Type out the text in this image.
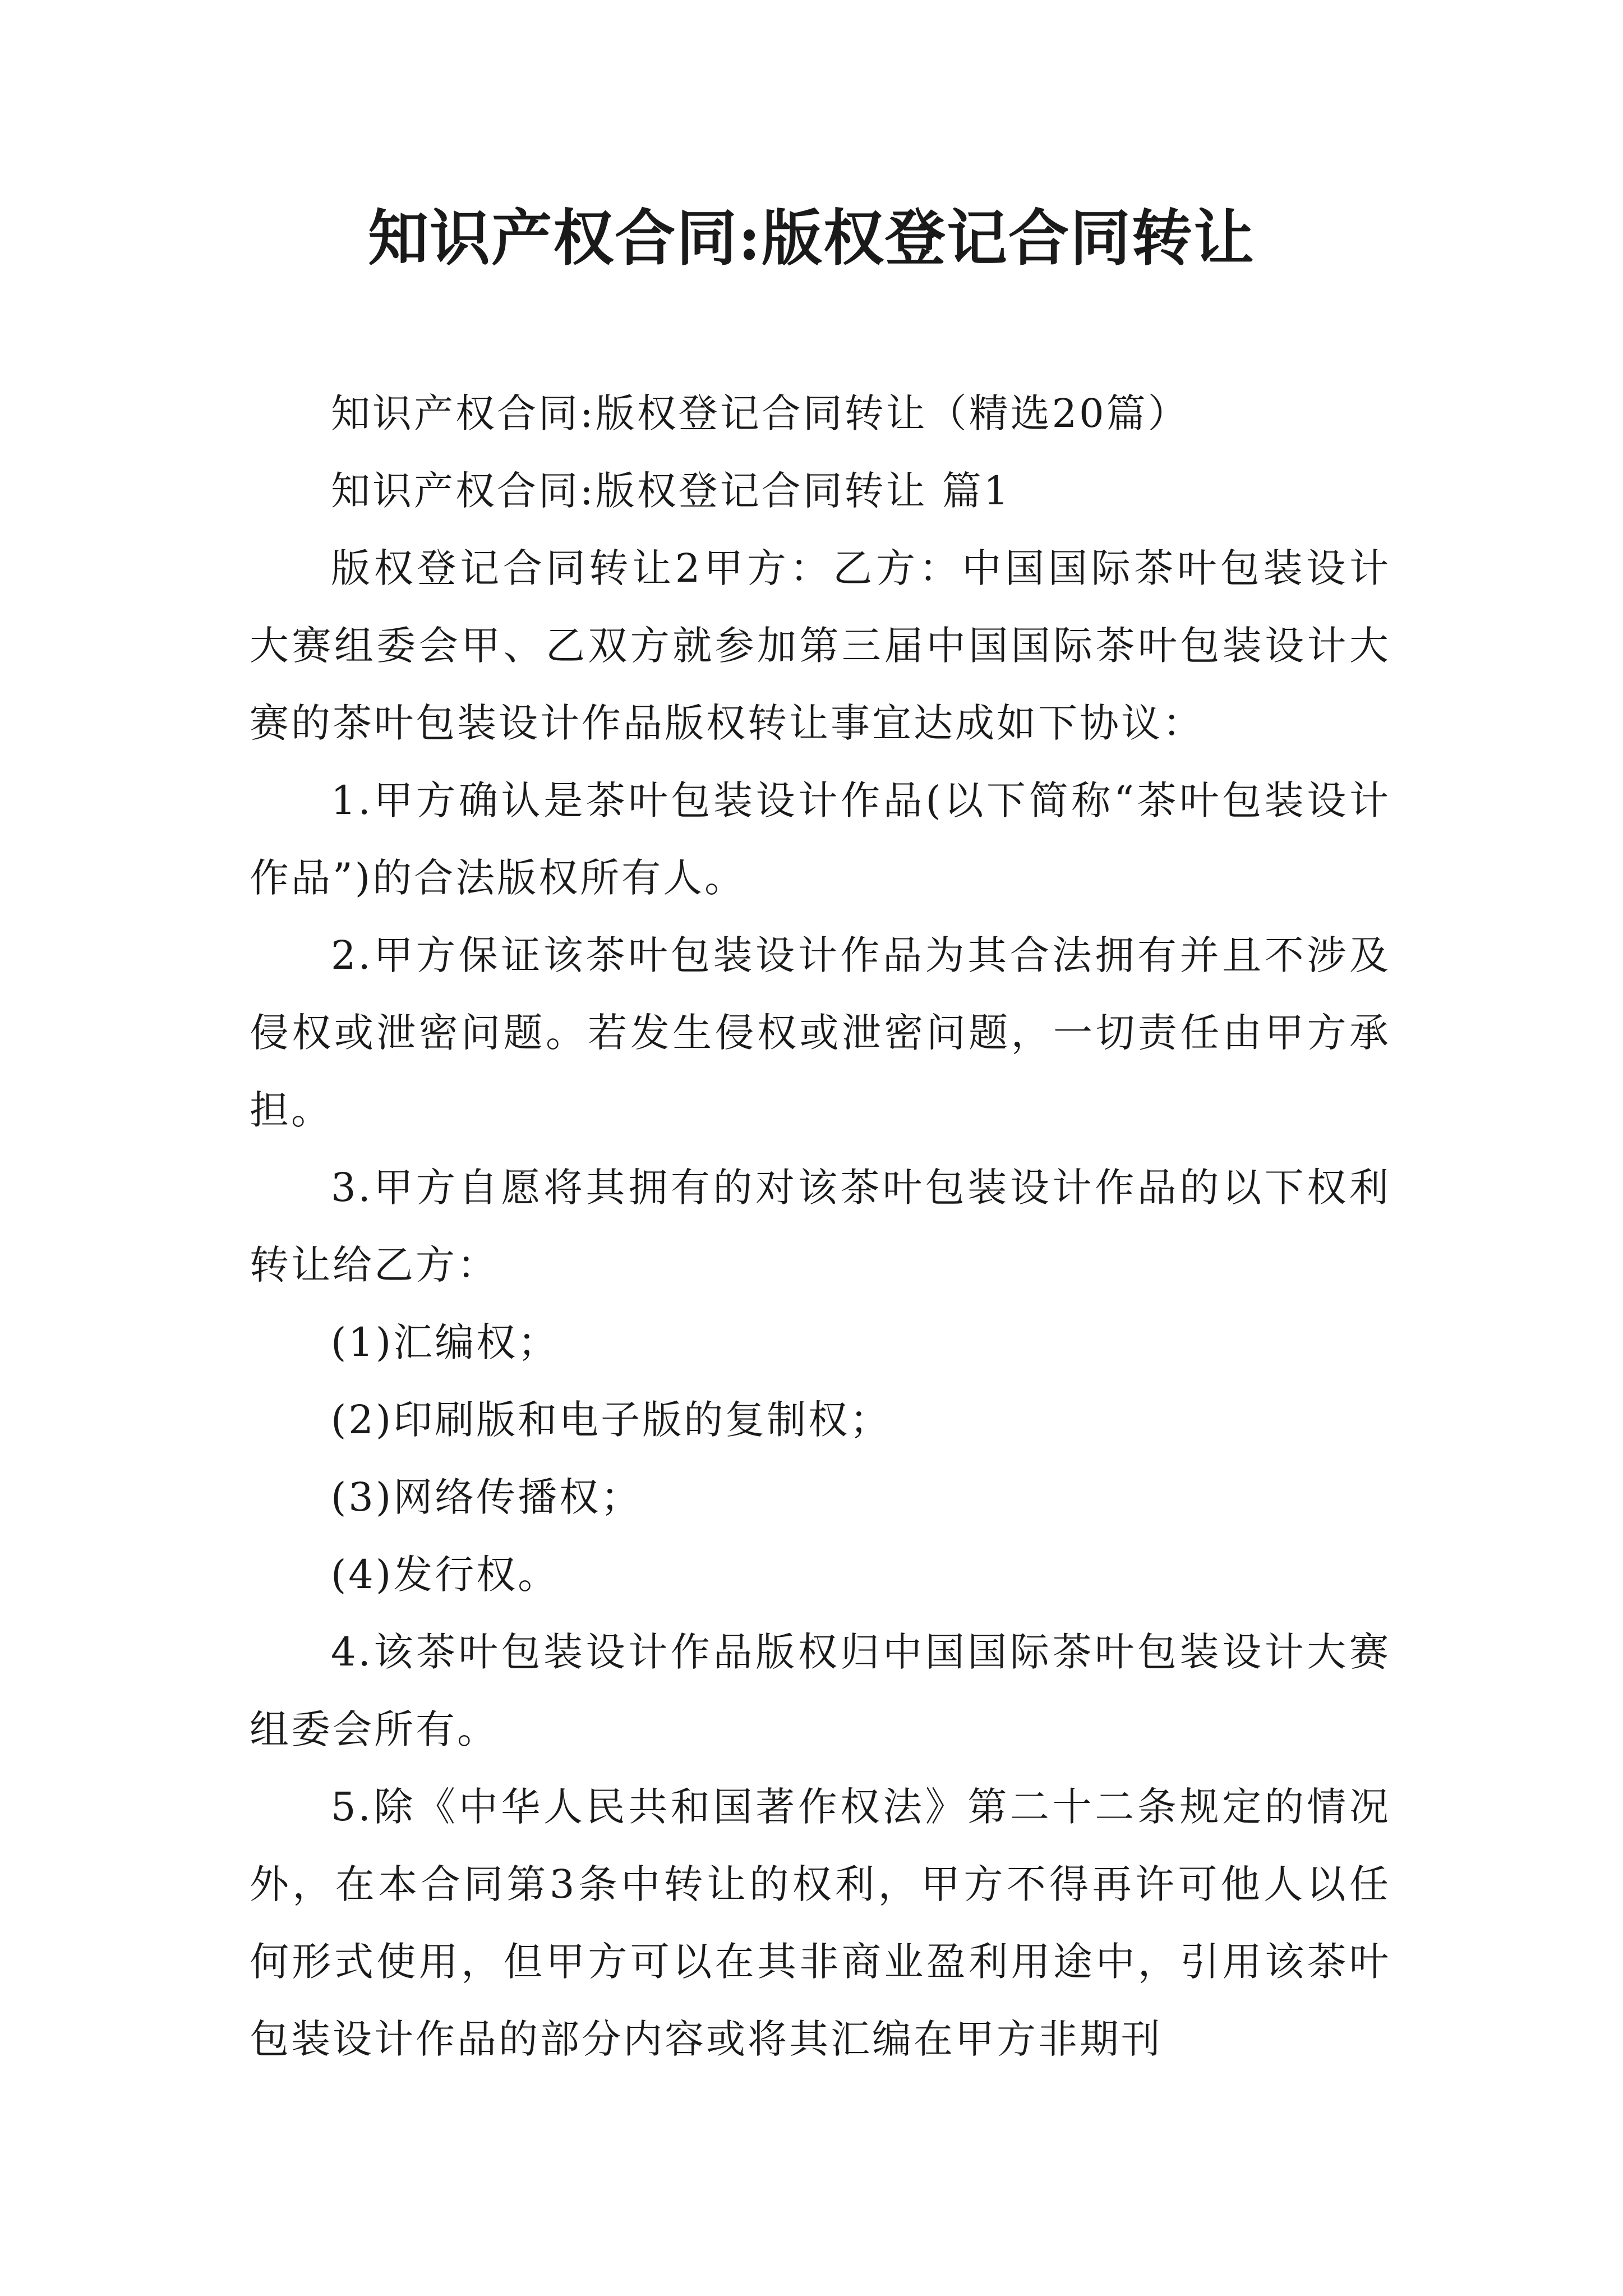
知识产权合同:版权登记合同转让

知识产权合同:版权登记合同转让（精选20篇）

知识产权合同:版权登记合同转让 篇1

版权登记合同转让2甲方：乙方：中国国际茶叶包装设计大赛组委会甲、乙双方就参加第三届中国国际茶叶包装设计大赛的茶叶包装设计作品版权转让事宜达成如下协议：

1.甲方确认是茶叶包装设计作品(以下简称“茶叶包装设计作品”)的合法版权所有人。

2.甲方保证该茶叶包装设计作品为其合法拥有并且不涉及侵权或泄密问题。若发生侵权或泄密问题，一切责任由甲方承担。

3.甲方自愿将其拥有的对该茶叶包装设计作品的以下权利转让给乙方：

(1)汇编权；

(2)印刷版和电子版的复制权；

(3)网络传播权；

(4)发行权。

4.该茶叶包装设计作品版权归中国国际茶叶包装设计大赛组委会所有。

5.除《中华人民共和国著作权法》第二十二条规定的情况外，在本合同第3条中转让的权利，甲方不得再许可他人以任何形式使用，但甲方可以在其非商业盈利用途中，引用该茶叶包装设计作品的部分内容或将其汇编在甲方非期刊
